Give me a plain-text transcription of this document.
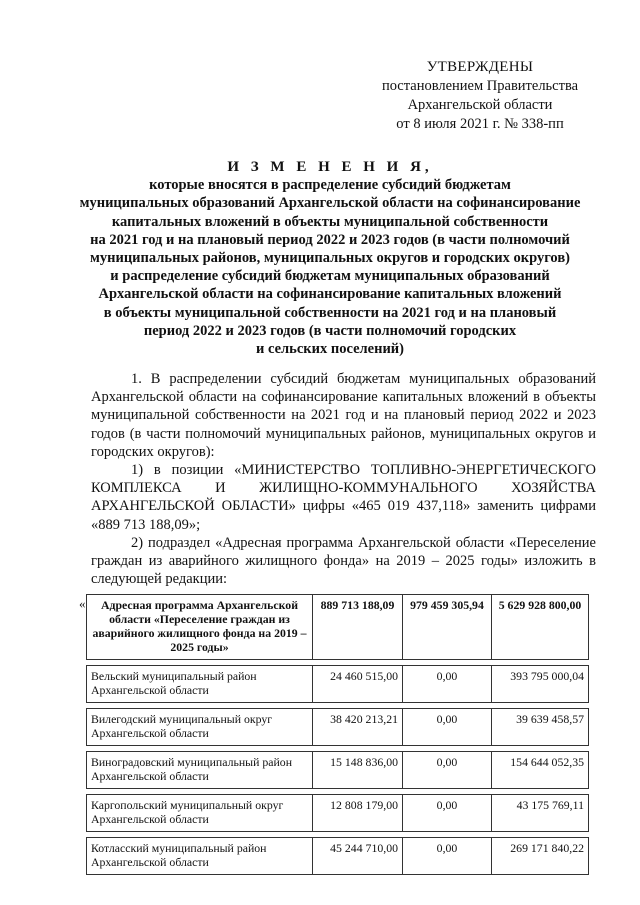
УТВЕРЖДЕНЫ
постановлением Правительства
Архангельской области
от 8 июля 2021 г. № 338-пп
И З М Е Н Е Н И Я,
которые вносятся в распределение субсидий бюджетам
муниципальных образований Архангельской области на софинансирование
капитальных вложений в объекты муниципальной собственности
на 2021 год и на плановый период 2022 и 2023 годов (в части полномочий
муниципальных районов, муниципальных округов и городских округов)
и распределение субсидий бюджетам муниципальных образований
Архангельской области на софинансирование капитальных вложений
в объекты муниципальной собственности на 2021 год и на плановый
период 2022 и 2023 годов (в части полномочий городских
и сельских поселений)

1. В распределении субсидий бюджетам муниципальных образований Архангельской области на софинансирование капитальных вложений в объекты муниципальной собственности на 2021 год и на плановый период 2022 и 2023 годов (в части полномочий муниципальных районов, муниципальных округов и городских округов):

1) в позиции «МИНИСТЕРСТВО ТОПЛИВНО-ЭНЕРГЕТИЧЕСКОГО КОМПЛЕКСА И ЖИЛИЩНО-КОММУНАЛЬНОГО ХОЗЯЙСТВА АРХАНГЕЛЬСКОЙ ОБЛАСТИ» цифры «465 019 437,118» заменить цифрами «889 713 188,09»;

2) подраздел «Адресная программа Архангельской области «Переселение граждан из аварийного жилищного фонда» на 2019 – 2025 годы» изложить в следующей редакции:

« Адресная программа Архангельской области «Переселение граждан из аварийного жилищного фонда на 2019 – 2025 годы»	889 713 188,09	979 459 305,94	5 629 928 800,00

Вельский муниципальный район Архангельской области	24 460 515,00	0,00	393 795 000,04

Вилегодский муниципальный округ Архангельской области	38 420 213,21	0,00	39 639 458,57

Виноградовский муниципальный район Архангельской области	15 148 836,00	0,00	154 644 052,35

Каргопольский муниципальный округ Архангельской области	12 808 179,00	0,00	43 175 769,11

Котласский муниципальный район Архангельской области	45 244 710,00	0,00	269 171 840,22
